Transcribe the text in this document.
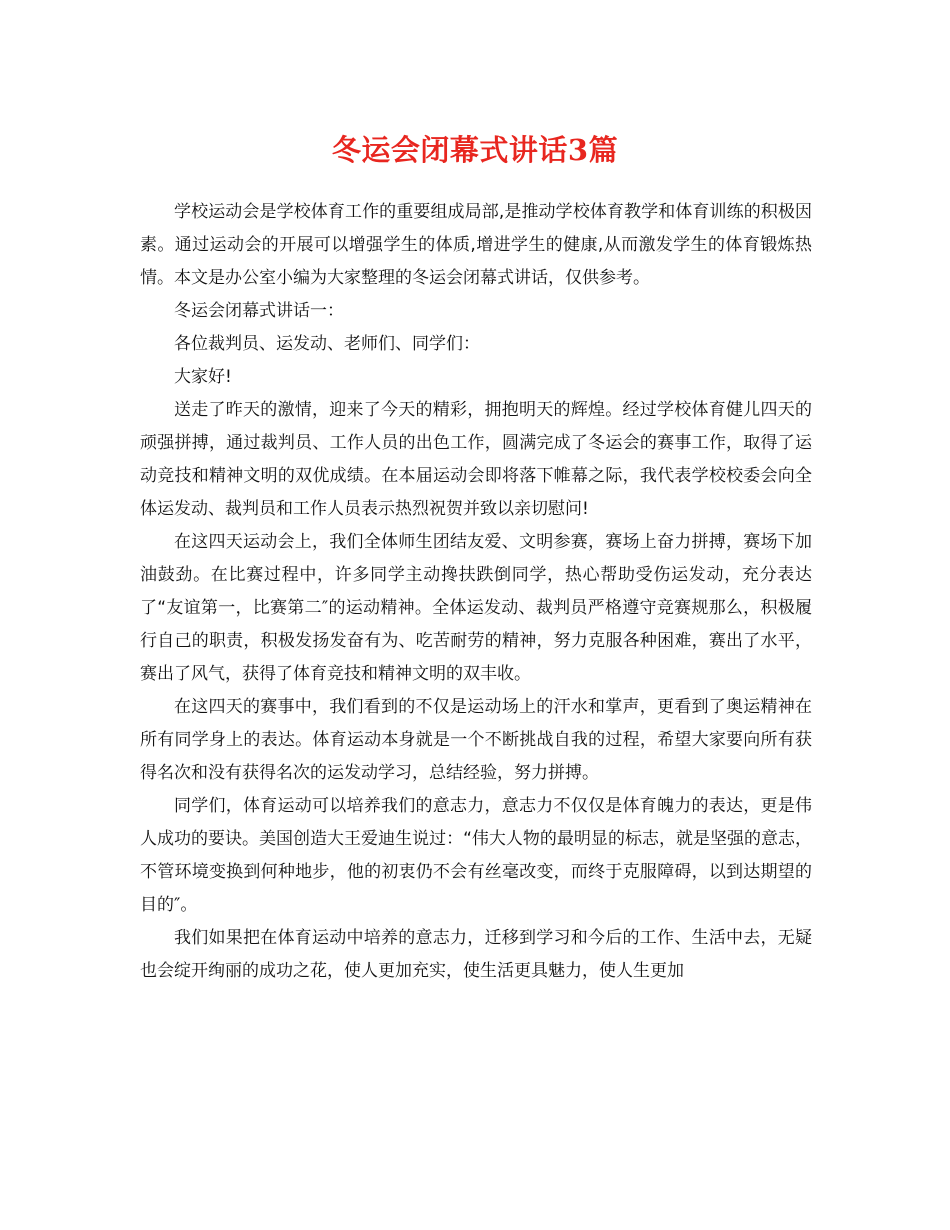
冬运会闭幕式讲话3篇

学校运动会是学校体育工作的重要组成局部,是推动学校体育教学和体育训练的积极因素。通过运动会的开展可以增强学生的体质,增进学生的健康,从而激发学生的体育锻炼热情。本文是办公室小编为大家整理的冬运会闭幕式讲话，仅供参考。

冬运会闭幕式讲话一：

各位裁判员、运发动、老师们、同学们：

大家好!

送走了昨天的激情，迎来了今天的精彩，拥抱明天的辉煌。经过学校体育健儿四天的顽强拼搏，通过裁判员、工作人员的出色工作，圆满完成了冬运会的赛事工作，取得了运动竞技和精神文明的双优成绩。在本届运动会即将落下帷幕之际，我代表学校校委会向全体运发动、裁判员和工作人员表示热烈祝贺并致以亲切慰问!

在这四天运动会上，我们全体师生团结友爱、文明参赛，赛场上奋力拼搏，赛场下加油鼓劲。在比赛过程中，许多同学主动搀扶跌倒同学，热心帮助受伤运发动，充分表达了“友谊第一，比赛第二″的运动精神。全体运发动、裁判员严格遵守竞赛规那么，积极履行自己的职责，积极发扬发奋有为、吃苦耐劳的精神，努力克服各种困难，赛出了水平，赛出了风气，获得了体育竞技和精神文明的双丰收。

在这四天的赛事中，我们看到的不仅是运动场上的汗水和掌声，更看到了奥运精神在所有同学身上的表达。体育运动本身就是一个不断挑战自我的过程，希望大家要向所有获得名次和没有获得名次的运发动学习，总结经验，努力拼搏。

同学们，体育运动可以培养我们的意志力，意志力不仅仅是体育魄力的表达，更是伟人成功的要诀。美国创造大王爱迪生说过：“伟大人物的最明显的标志，就是坚强的意志，不管环境变换到何种地步，他的初衷仍不会有丝毫改变，而终于克服障碍，以到达期望的目的″。

我们如果把在体育运动中培养的意志力，迁移到学习和今后的工作、生活中去，无疑也会绽开绚丽的成功之花，使人更加充实，使生活更具魅力，使人生更加
